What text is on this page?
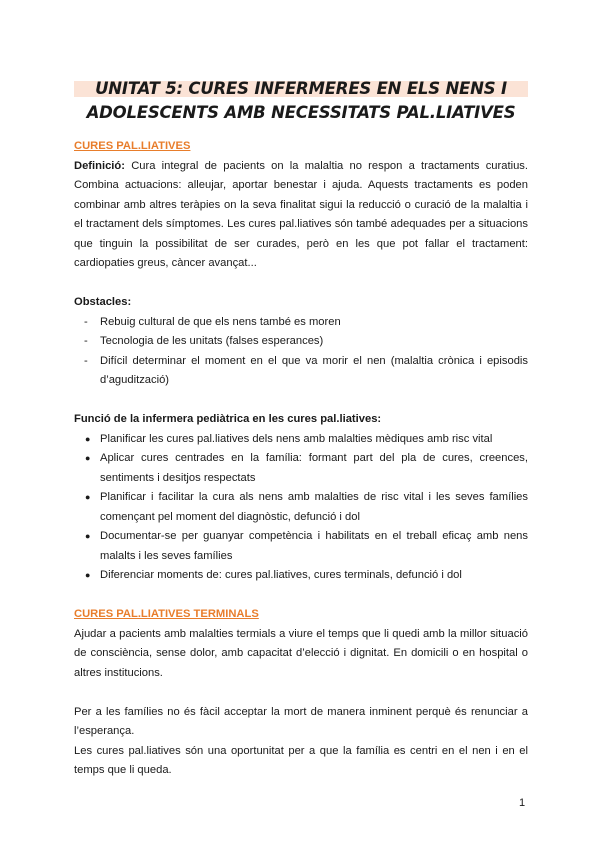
UNITAT 5: CURES INFERMERES EN ELS NENS I
ADOLESCENTS AMB NECESSITATS PAL.LIATIVES
CURES PAL.LIATIVES

Definició: Cura integral de pacients on la malaltia no respon a tractaments curatius. Combina actuacions: alleujar, aportar benestar i ajuda. Aquests tractaments es poden combinar amb altres teràpies on la seva finalitat sigui la reducció o curació de la malaltia i el tractament dels símptomes. Les cures pal.liatives són també adequades per a situacions que tinguin la possibilitat de ser curades, però en les que pot fallar el tractament: cardiopaties greus, càncer avançat...

Obstacles:
- Rebuig cultural de que els nens també es moren
- Tecnologia de les unitats (falses esperances)
- Difícil determinar el moment en el que va morir el nen (malaltia crònica i episodis d’agudització)
Funció de la infermera pediàtrica en les cures pal.liatives:
● Planificar les cures pal.liatives dels nens amb malalties mèdiques amb risc vital
● Aplicar cures centrades en la família: formant part del pla de cures, creences, sentiments i desitjos respectats
● Planificar i facilitar la cura als nens amb malalties de risc vital i les seves famílies començant pel moment del diagnòstic, defunció i dol
● Documentar-se per guanyar competència i habilitats en el treball eficaç amb nens malalts i les seves famílies
● Diferenciar moments de: cures pal.liatives, cures terminals, defunció i dol
CURES PAL.LIATIVES TERMINALS

Ajudar a pacients amb malalties termials a viure el temps que li quedi amb la millor situació de consciència, sense dolor, amb capacitat d’elecció i dignitat. En domicili o en hospital o altres institucions.

Per a les famílies no és fàcil acceptar la mort de manera inminent perquè és renunciar a l’esperança.

Les cures pal.liatives són una oportunitat per a que la família es centri en el nen i en el temps que li queda.

1
